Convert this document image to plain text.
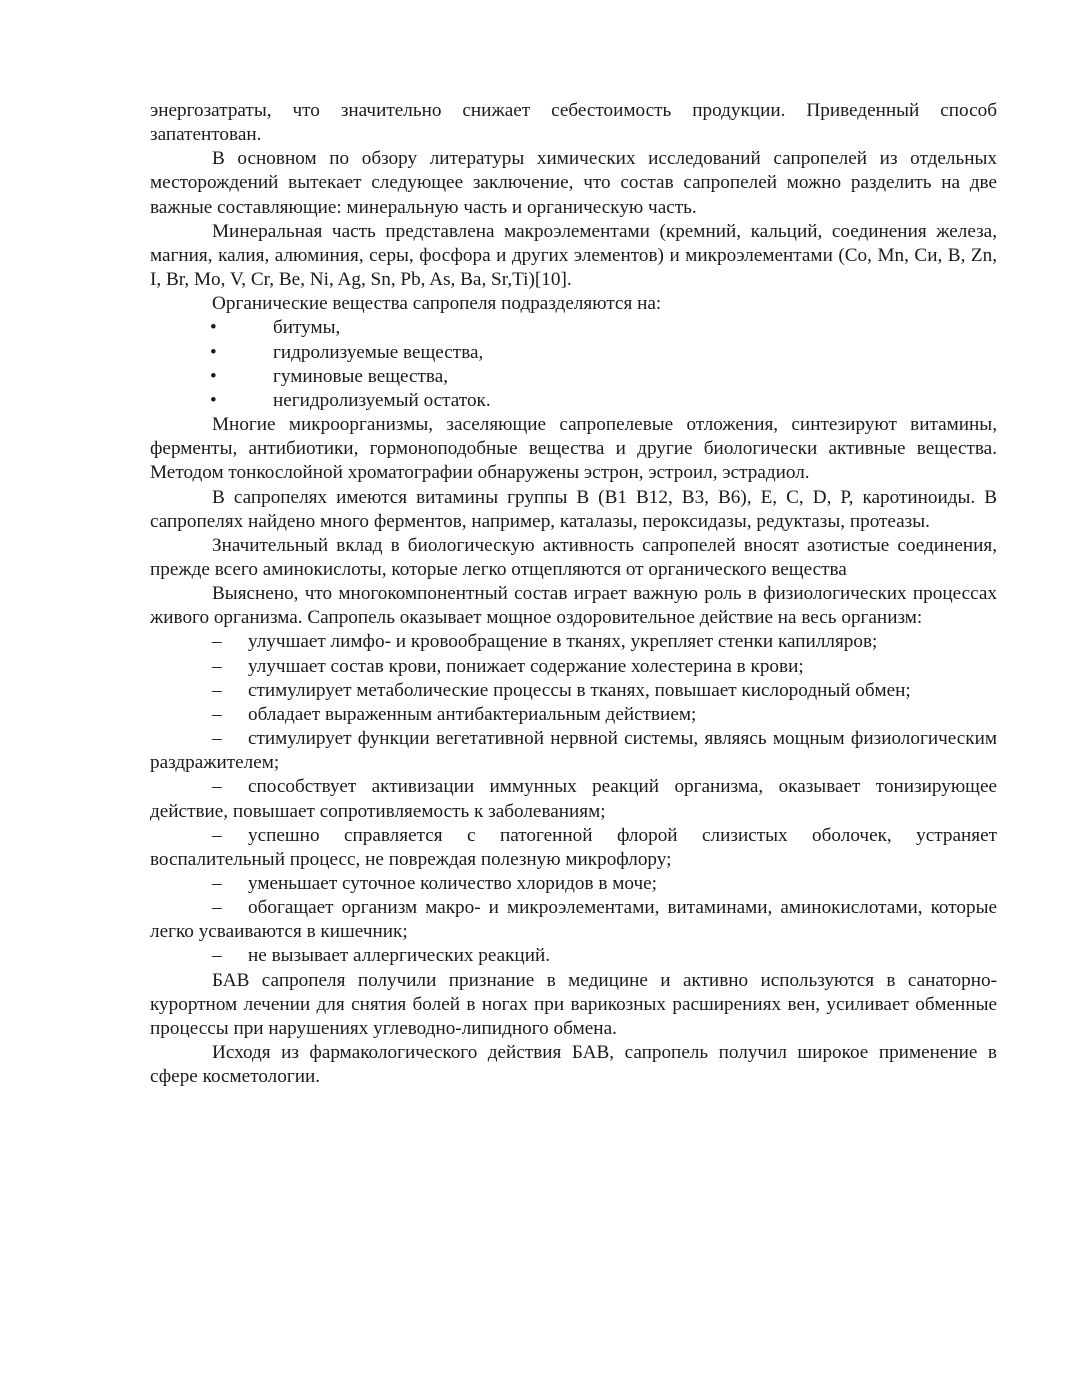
энергозатраты, что значительно снижает себестоимость продукции. Приведенный способ запатентован.

В основном по обзору литературы химических исследований сапропелей из отдельных месторождений вытекает следующее заключение, что состав сапропелей можно разделить на две важные составляющие: минеральную часть и органическую часть.

Минеральная часть представлена макроэлементами (кремний, кальций, соединения железа, магния, калия, алюминия, серы, фосфора и других элементов) и микроэлементами (Co, Mn, Cи, B, Zn, I, Br, Mo, V, Cr, Be, Ni, Ag, Sn, Pb, As, Ba, Sr,Ti)[10].

Органические вещества сапропеля подразделяются на:

•	битумы,
•	гидролизуемые вещества,
•	гуминовые вещества,
•	негидролизуемый остаток.

Многие микроорганизмы, заселяющие сапропелевые отложения, синтезируют витамины, ферменты, антибиотики, гормоноподобные вещества и другие биологически активные вещества. Методом тонкослойной хроматографии обнаружены эстрон, эстроил, эстрадиол.

В сапропелях имеются витамины группы В (В1 В12, В3, В6), Е, С, D, Р, каротиноиды. В сапропелях найдено много ферментов, например, каталазы, пероксидазы, редуктазы, протеазы.

Значительный вклад в биологическую активность сапропелей вносят азотистые соединения, прежде всего аминокислоты, которые легко отщепляются от органического вещества

Выяснено, что многокомпонентный состав играет важную роль в физиологических процессах живого организма. Сапропель оказывает мощное оздоровительное действие на весь организм:

– улучшает лимфо- и кровообращение в тканях, укрепляет стенки капилляров;
– улучшает состав крови, понижает содержание холестерина в крови;
– стимулирует метаболические процессы в тканях, повышает кислородный обмен;
– обладает выраженным антибактериальным действием;
– стимулирует функции вегетативной нервной системы, являясь мощным физиологическим раздражителем;
– способствует активизации иммунных реакций организма, оказывает тонизирующее действие, повышает сопротивляемость к заболеваниям;
– успешно справляется с патогенной флорой слизистых оболочек, устраняет воспалительный процесс, не повреждая полезную микрофлору;
– уменьшает суточное количество хлоридов в моче;
– обогащает организм макро- и микроэлементами, витаминами, аминокислотами, которые легко усваиваются в кишечник;
– не вызывает аллергических реакций.

БАВ сапропеля получили признание в медицине и активно используются в санаторно-курортном лечении для снятия болей в ногах при варикозных расширениях вен, усиливает обменные процессы при нарушениях углеводно-липидного обмена.

Исходя из фармакологического действия БАВ, сапропель получил широкое применение в сфере косметологии.
